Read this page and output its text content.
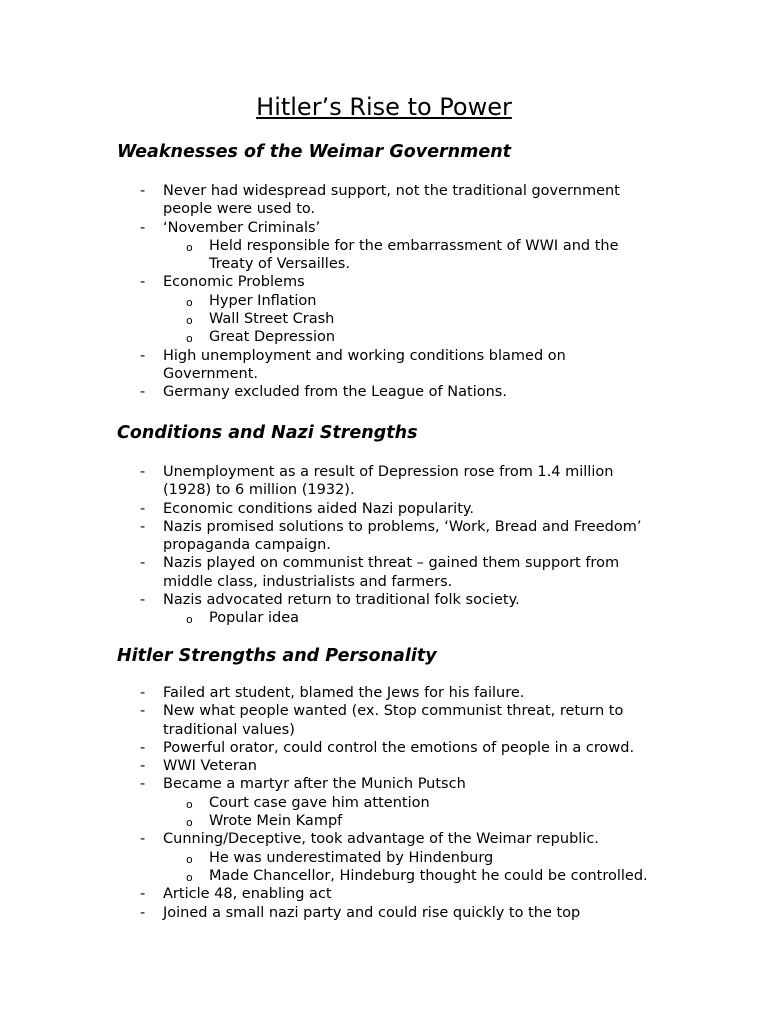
Hitler’s Rise to Power
Weaknesses of the Weimar Government
- Never had widespread support, not the traditional government people were used to.
- ‘November Criminals’
o Held responsible for the embarrassment of WWI and the Treaty of Versailles.
- Economic Problems
o Hyper Inflation
o Wall Street Crash
o Great Depression
- High unemployment and working conditions blamed on Government.
- Germany excluded from the League of Nations.
Conditions and Nazi Strengths
- Unemployment as a result of Depression rose from 1.4 million (1928) to 6 million (1932).
- Economic conditions aided Nazi popularity.
- Nazis promised solutions to problems, ‘Work, Bread and Freedom’ propaganda campaign.
- Nazis played on communist threat – gained them support from middle class, industrialists and farmers.
- Nazis advocated return to traditional folk society.
o Popular idea
Hitler Strengths and Personality
- Failed art student, blamed the Jews for his failure.
- New what people wanted (ex. Stop communist threat, return to traditional values)
- Powerful orator, could control the emotions of people in a crowd.
- WWI Veteran
- Became a martyr after the Munich Putsch
o Court case gave him attention
o Wrote Mein Kampf
- Cunning/Deceptive, took advantage of the Weimar republic.
o He was underestimated by Hindenburg
o Made Chancellor, Hindeburg thought he could be controlled.
- Article 48, enabling act
- Joined a small nazi party and could rise quickly to the top
